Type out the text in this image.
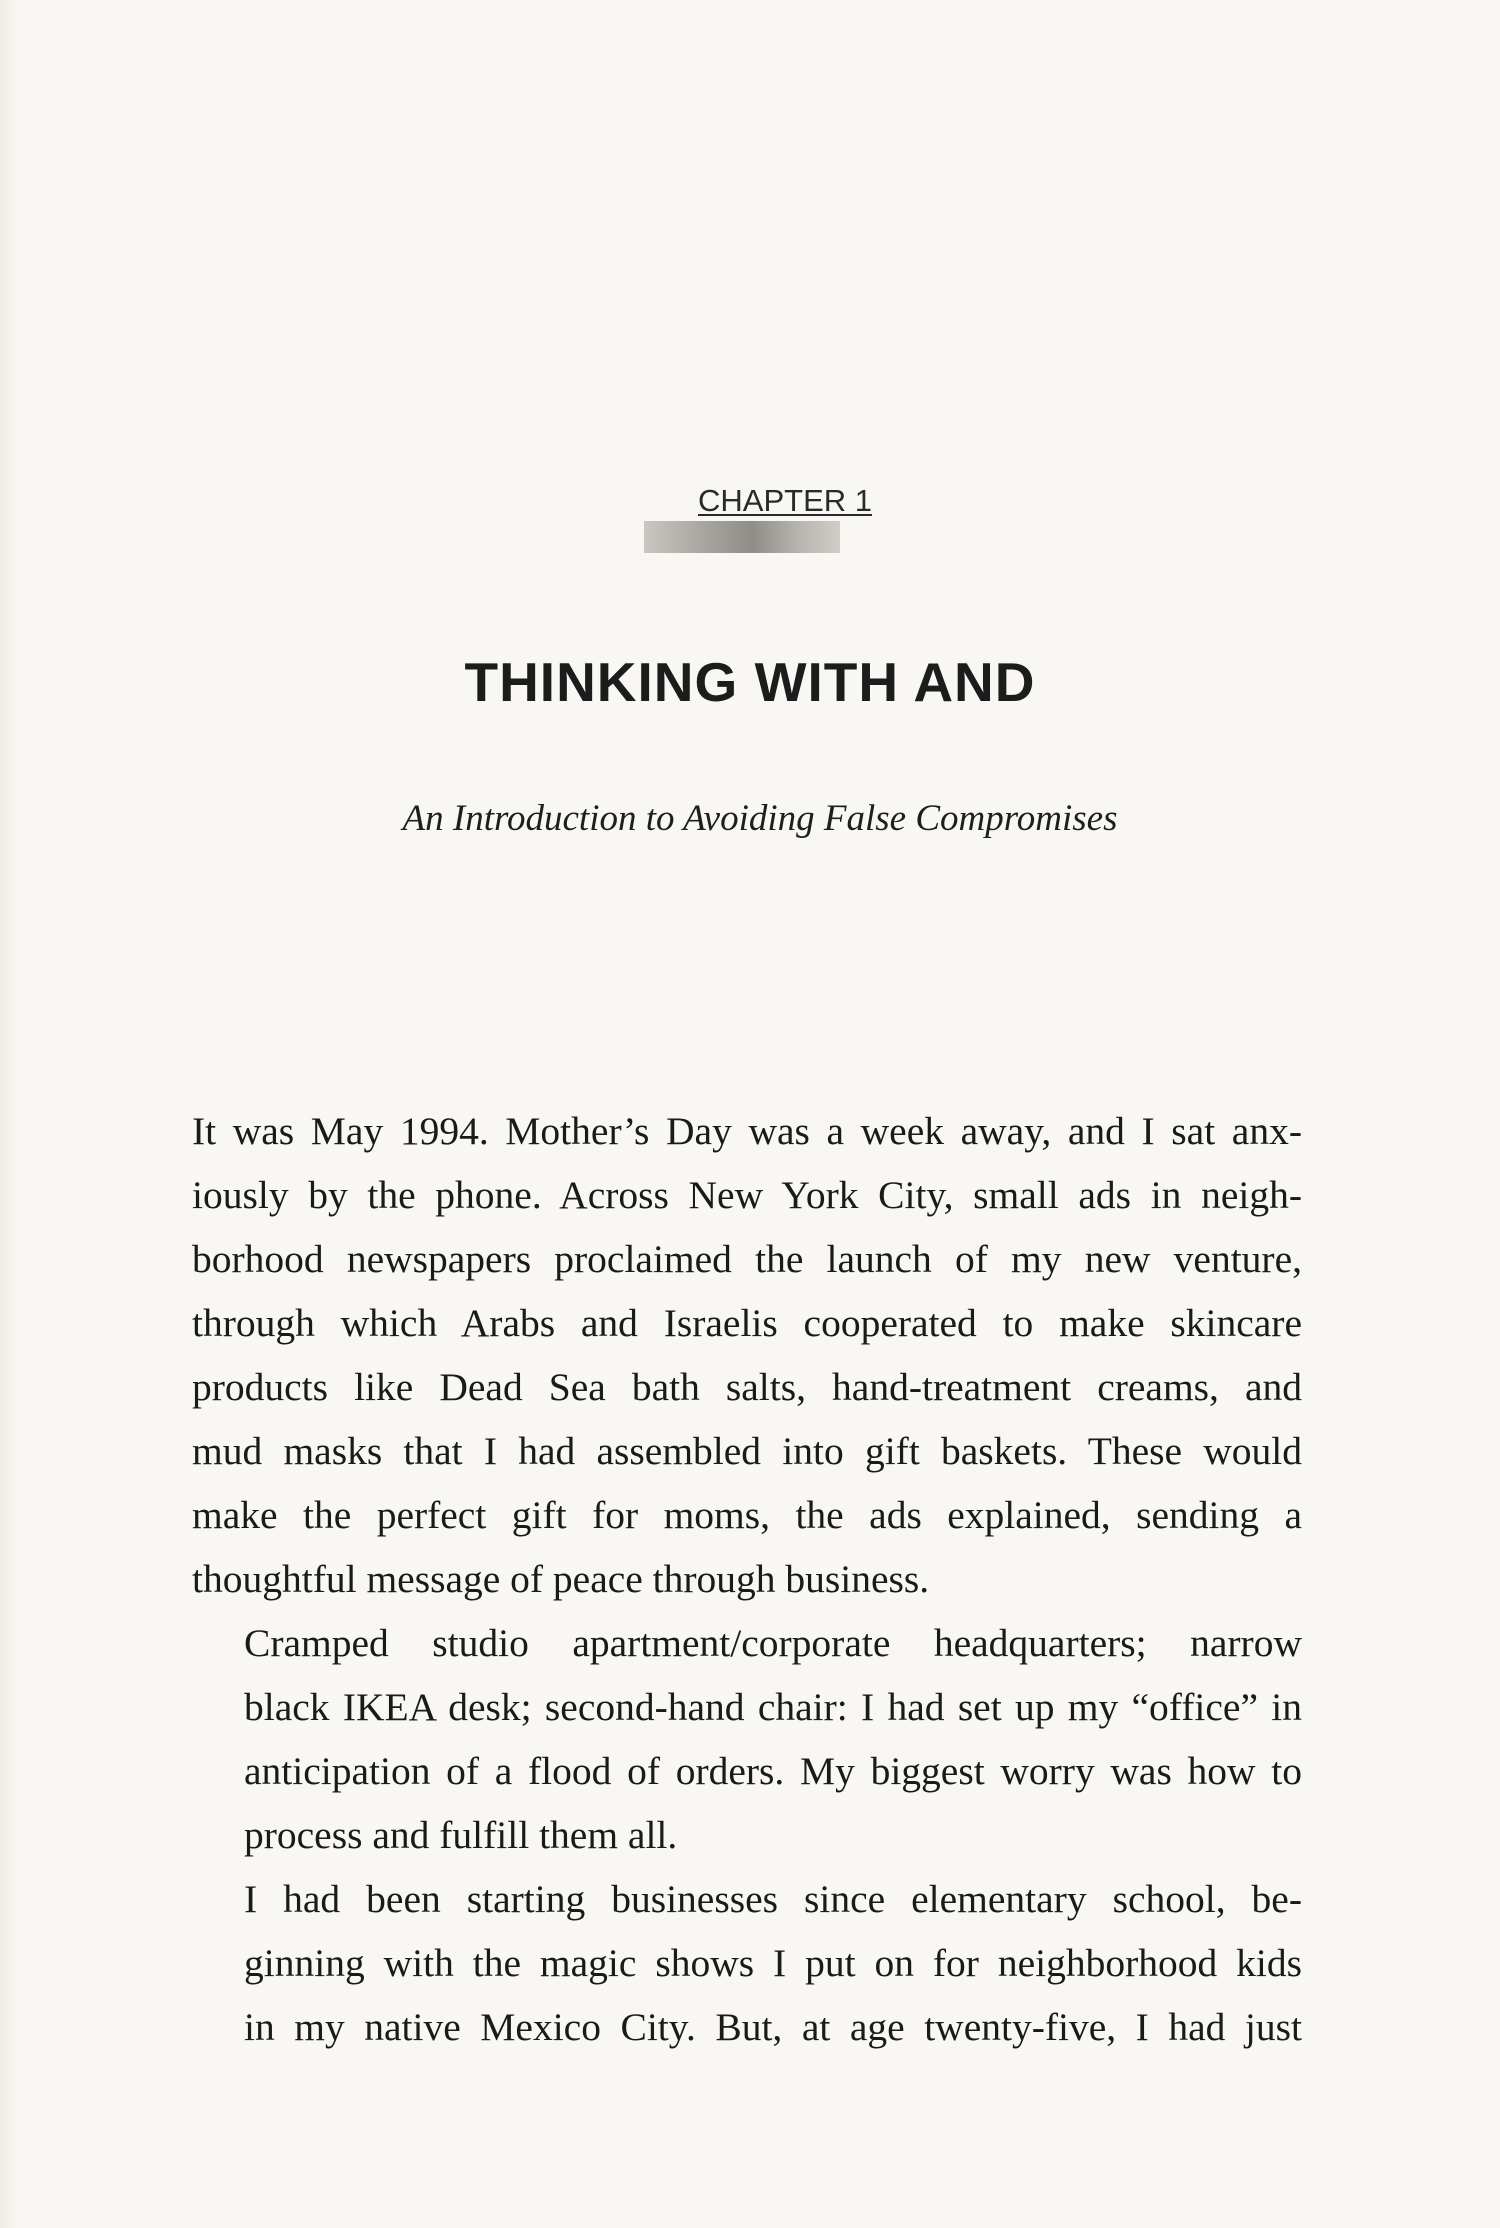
CHAPTER 1
THINKING WITH AND
An Introduction to Avoiding False Compromises

It was May 1994. Mother’s Day was a week away, and I sat anx-
iously by the phone. Across New York City, small ads in neigh-
borhood newspapers proclaimed the launch of my new venture,
through which Arabs and Israelis cooperated to make skincare
products like Dead Sea bath salts, hand-treatment creams, and
mud masks that I had assembled into gift baskets. These would
make the perfect gift for moms, the ads explained, sending a
thoughtful message of peace through business.

Cramped studio apartment/corporate headquarters; narrow
black IKEA desk; second-hand chair: I had set up my “office” in
anticipation of a flood of orders. My biggest worry was how to
process and fulfill them all.

I had been starting businesses since elementary school, be-
ginning with the magic shows I put on for neighborhood kids
in my native Mexico City. But, at age twenty-five, I had just
